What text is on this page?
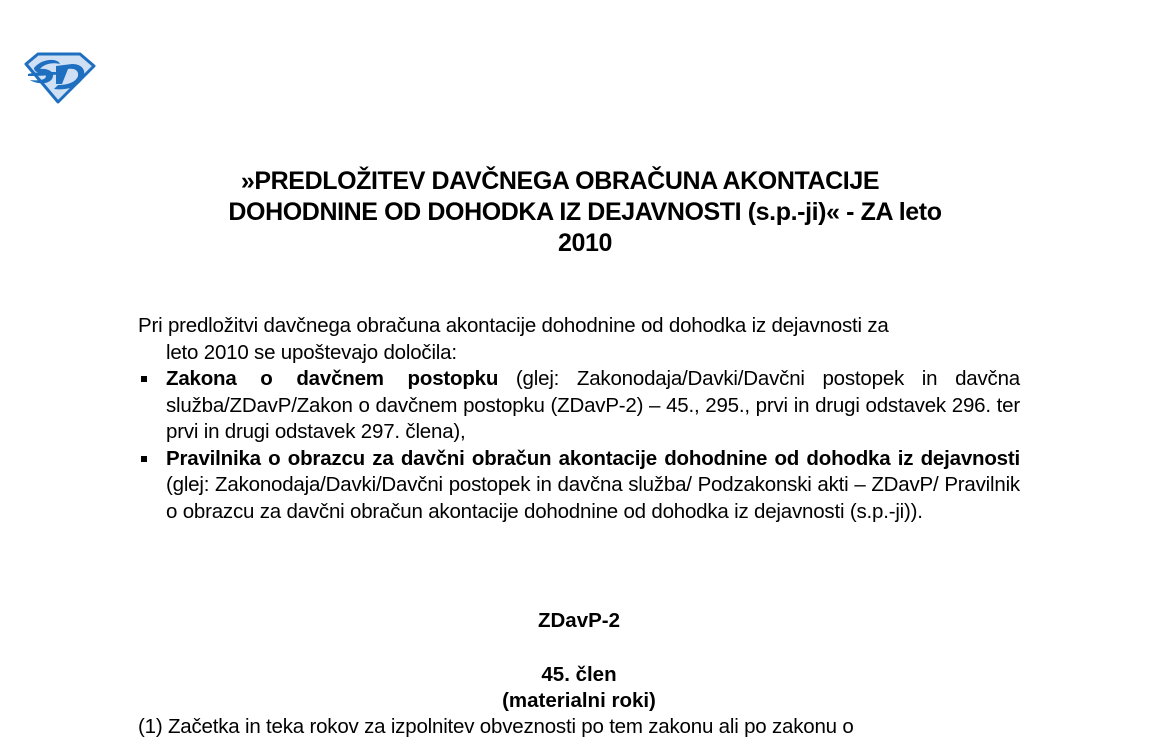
»PREDLOŽITEV DAVČNEGA OBRAČUNA AKONTACIJE
DOHODNINE OD DOHODKA IZ DEJAVNOSTI (s.p.-ji)« - ZA leto
2010
Pri predložitvi davčnega obračuna akontacije dohodnine od dohodka iz dejavnosti za
leto 2010 se upoštevajo določila:
Zakona o davčnem postopku (glej: Zakonodaja/Davki/Davčni postopek in davčna služba/ZDavP/Zakon o davčnem postopku (ZDavP-2) – 45., 295., prvi in drugi odstavek 296. ter prvi in drugi odstavek 297. člena),
Pravilnika o obrazcu za davčni obračun akontacije dohodnine od dohodka iz dejavnosti (glej: Zakonodaja/Davki/Davčni postopek in davčna služba/ Podzakonski akti – ZDavP/ Pravilnik o obrazcu za davčni obračun akontacije dohodnine od dohodka iz dejavnosti (s.p.-ji)).
ZDavP-2
45. člen
(materialni roki)
(1) Začetka in teka rokov za izpolnitev obveznosti po tem zakonu ali po zakonu o
